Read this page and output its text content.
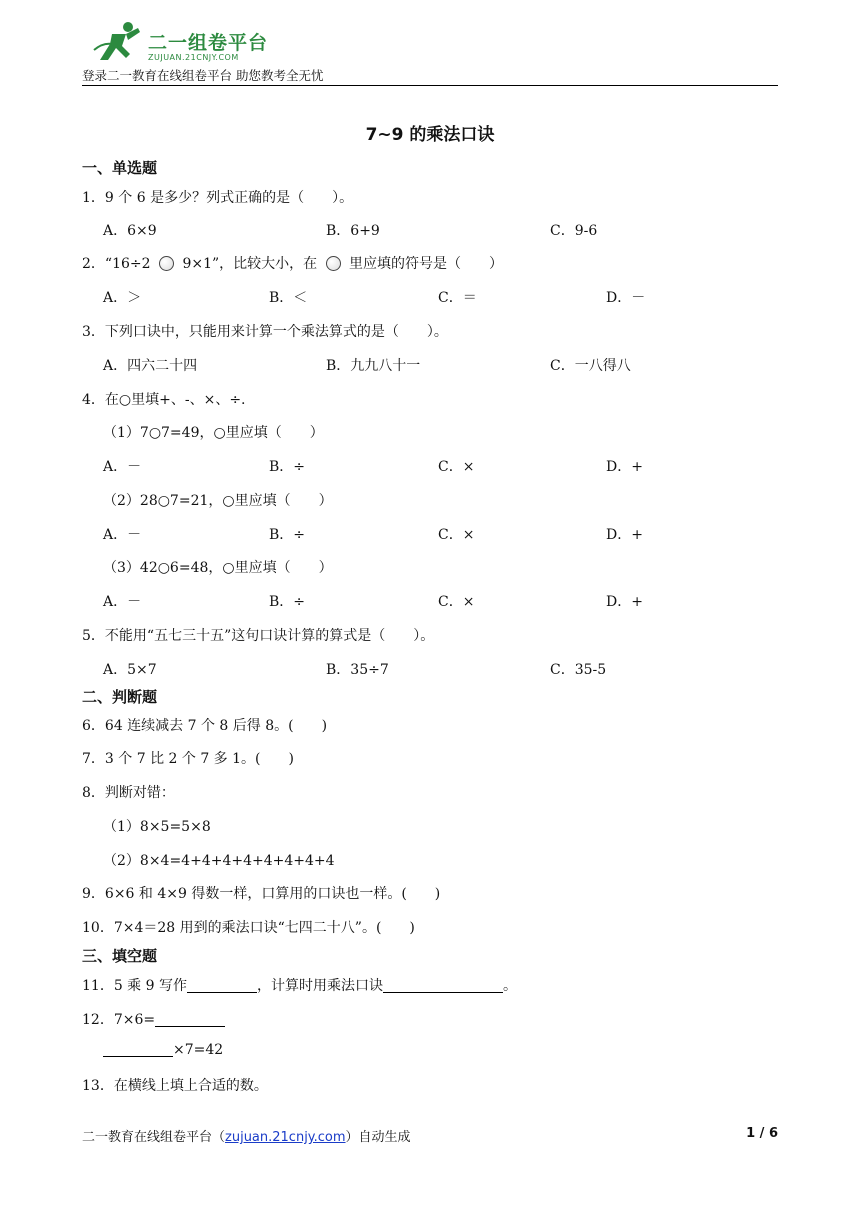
二一组卷平台
ZUJUAN.21CNJY.COM
登录二一教育在线组卷平台 助您教考全无忧
7~9 的乘法口诀
一、单选题
1．9 个 6 是多少？列式正确的是（　　）。
A．6×9	B．6+9	C．9-6
2．“16÷2 9×1”，比较大小，在 里应填的符号是（　　）
A．＞	B．＜	C．＝	D．－
3．下列口诀中，只能用来计算一个乘法算式的是（　　）。
A．四六二十四	B．九九八十一	C．一八得八
4．在○里填+、-、×、÷.
（1）7○7=49，○里应填（　　）
A．－	B．÷	C．×	D．+
（2）28○7=21，○里应填（　　）
A．－	B．÷	C．×	D．+
（3）42○6=48，○里应填（　　）
A．－	B．÷	C．×	D．+
5．不能用“五七三十五”这句口诀计算的算式是（　　）。
A．5×7	B．35÷7	C．35-5
二、判断题
6．64 连续减去 7 个 8 后得 8。(　　)
7．3 个 7 比 2 个 7 多 1。(　　)
8．判断对错：
（1）8×5=5×8
（2）8×4=4+4+4+4+4+4+4+4
9．6×6 和 4×9 得数一样，口算用的口诀也一样。(　　)
10．7×4＝28 用到的乘法口诀“七四二十八”。(　　)
三、填空题
11．5 乘 9 写作	，计算时用乘法口诀	。
12．7×6=
×7=42
13．在横线上填上合适的数。
二一教育在线组卷平台（zujuan.21cnjy.com）自动生成	1 / 6
